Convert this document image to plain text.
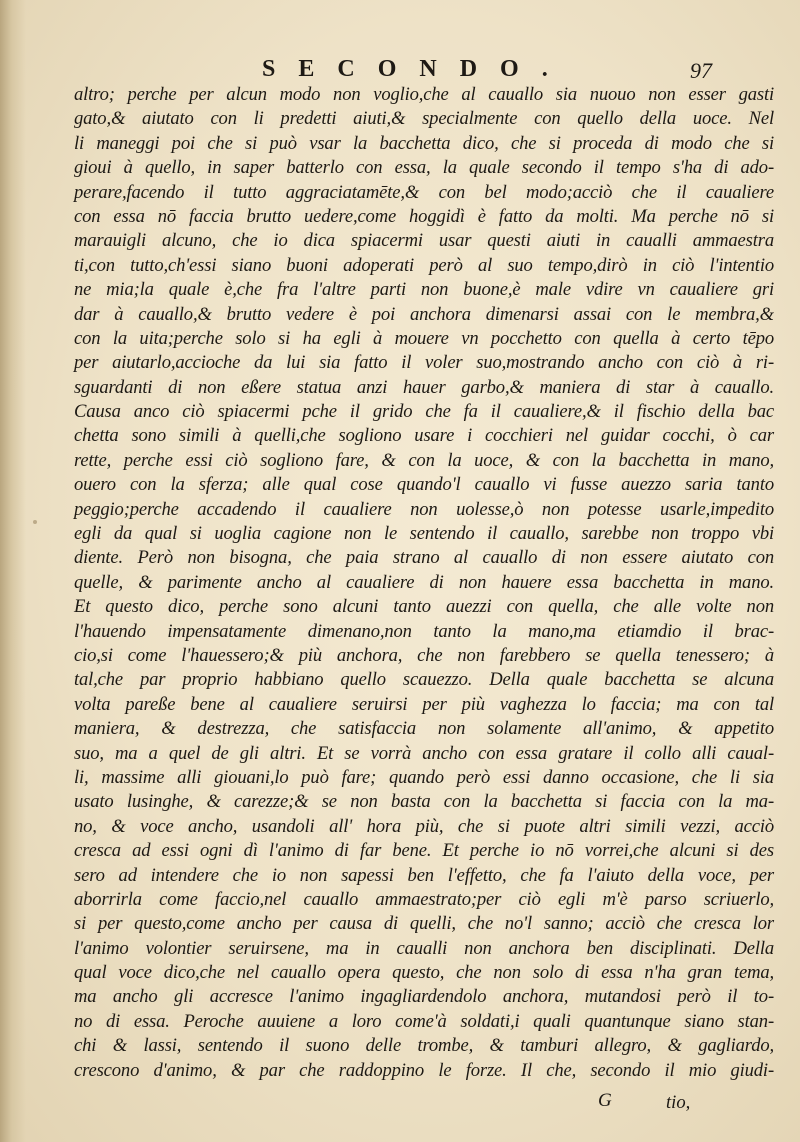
SECONDO.	97
altro; perche per alcun modo non voglio,che al cauallo sia nuouo non esser gasti
gato,& aiutato con li predetti aiuti,& specialmente con quello della uoce. Nel
li maneggi poi che si può vsar la bacchetta dico, che si proceda di modo che si
gioui à quello, in saper batterlo con essa, la quale secondo il tempo s'ha di ado-
perare,facendo il tutto aggraciatamēte,& con bel modo;acciò che il caualiere
con essa nō faccia brutto uedere,come hoggidì è fatto da molti. Ma perche nō si
marauigli alcuno, che io dica spiacermi usar questi aiuti in caualli ammaestra
ti,con tutto,ch'essi siano buoni adoperati però al suo tempo,dirò in ciò l'intentio
ne mia;la quale è,che fra l'altre parti non buone,è male vdire vn caualiere gri
dar à cauallo,& brutto vedere è poi anchora dimenarsi assai con le membra,&
con la uita;perche solo si ha egli à mouere vn pocchetto con quella à certo tēpo
per aiutarlo,accioche da lui sia fatto il voler suo,mostrando ancho con ciò à ri-
sguardanti di non eßere statua anzi hauer garbo,& maniera di star à cauallo.
Causa anco ciò spiacermi pche il grido che fa il caualiere,& il fischio della bac
chetta sono simili à quelli,che sogliono usare i cocchieri nel guidar cocchi, ò car
rette, perche essi ciò sogliono fare, & con la uoce, & con la bacchetta in mano,
ouero con la sferza; alle qual cose quando'l cauallo vi fusse auezzo saria tanto
peggio;perche accadendo il caualiere non uolesse,ò non potesse usarle,impedito
egli da qual si uoglia cagione non le sentendo il cauallo, sarebbe non troppo vbi
diente. Però non bisogna, che paia strano al cauallo di non essere aiutato con
quelle, & parimente ancho al caualiere di non hauere essa bacchetta in mano.
Et questo dico, perche sono alcuni tanto auezzi con quella, che alle volte non
l'hauendo impensatamente dimenano,non tanto la mano,ma etiamdio il brac-
cio,si come l'hauessero;& più anchora, che non farebbero se quella tenessero; à
tal,che par proprio habbiano quello scauezzo. Della quale bacchetta se alcuna
volta pareße bene al caualiere seruirsi per più vaghezza lo faccia; ma con tal
maniera, & destrezza, che satisfaccia non solamente all'animo, & appetito
suo, ma a quel de gli altri. Et se vorrà ancho con essa gratare il collo alli caual-
li, massime alli giouani,lo può fare; quando però essi danno occasione, che li sia
usato lusinghe, & carezze;& se non basta con la bacchetta si faccia con la ma-
no, & voce ancho, usandoli all' hora più, che si puote altri simili vezzi, acciò
cresca ad essi ogni dì l'animo di far bene. Et perche io nō vorrei,che alcuni si des
sero ad intendere che io non sapessi ben l'effetto, che fa l'aiuto della voce, per
aborrirla come faccio,nel cauallo ammaestrato;per ciò egli m'è parso scriuerlo,
si per questo,come ancho per causa di quelli, che no'l sanno; acciò che cresca lor
l'animo volontier seruirsene, ma in caualli non anchora ben disciplinati. Della
qual voce dico,che nel cauallo opera questo, che non solo di essa n'ha gran tema,
ma ancho gli accresce l'animo ingagliardendolo anchora, mutandosi però il to-
no di essa. Peroche auuiene a loro come'à soldati,i quali quantunque siano stan-
chi & lassi, sentendo il suono delle trombe, & tamburi allegro, & gagliardo,
crescono d'animo, & par che raddoppino le forze. Il che, secondo il mio giudi-
G	tio,
